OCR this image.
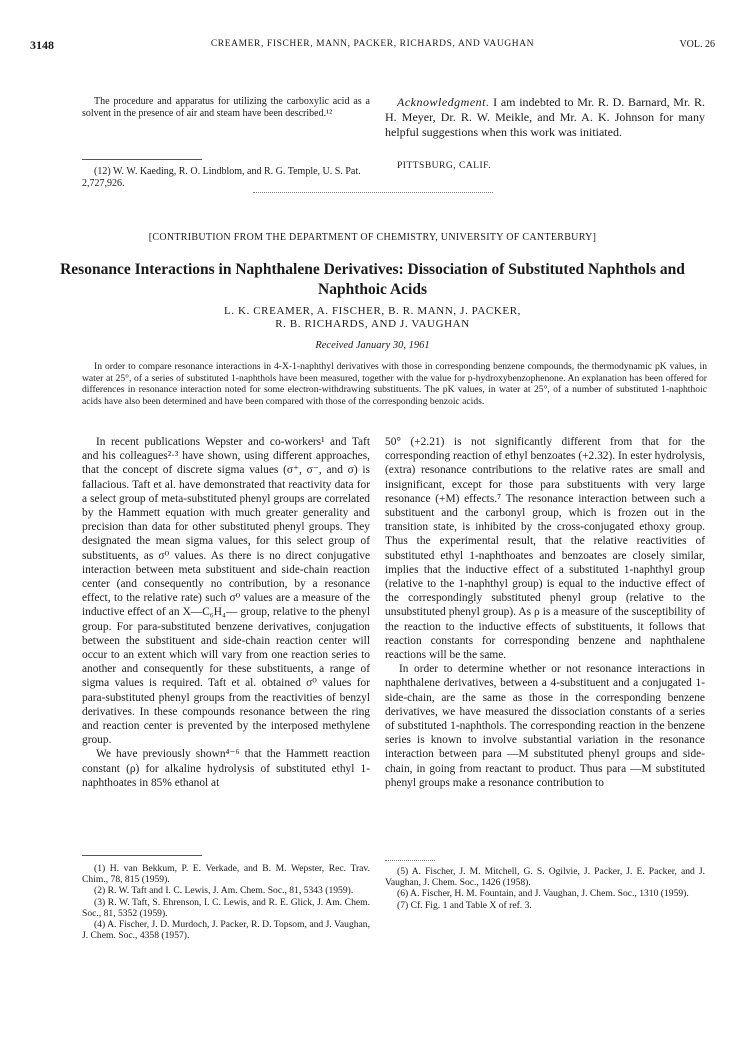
3148	CREAMER, FISCHER, MANN, PACKER, RICHARDS, AND VAUGHAN	VOL. 26
The procedure and apparatus for utilizing the carboxylic acid as a solvent in the presence of air and steam have been described.¹²
(12) W. W. Kaeding, R. O. Lindblom, and R. G. Temple, U. S. Pat. 2,727,926.
Acknowledgment. I am indebted to Mr. R. D. Barnard, Mr. R. H. Meyer, Dr. R. W. Meikle, and Mr. A. K. Johnson for many helpful suggestions when this work was initiated.
PITTSBURG, CALIF.
[CONTRIBUTION FROM THE DEPARTMENT OF CHEMISTRY, UNIVERSITY OF CANTERBURY]
Resonance Interactions in Naphthalene Derivatives: Dissociation of Substituted Naphthols and Naphthoic Acids
L. K. CREAMER, A. FISCHER, B. R. MANN, J. PACKER,
R. B. RICHARDS, AND J. VAUGHAN
Received January 30, 1961
In order to compare resonance interactions in 4-X-1-naphthyl derivatives with those in corresponding benzene compounds, the thermodynamic pK values, in water at 25°, of a series of substituted 1-naphthols have been measured, together with the value for p-hydroxybenzophenone. An explanation has been offered for differences in resonance interaction noted for some electron-withdrawing substituents. The pK values, in water at 25°, of a number of substituted 1-naphthoic acids have also been determined and have been compared with those of the corresponding benzoic acids.

In recent publications Wepster and co-workers¹ and Taft and his colleagues²·³ have shown, using different approaches, that the concept of discrete sigma values (σ⁺, σ⁻, and σ) is fallacious. Taft et al. have demonstrated that reactivity data for a select group of meta-substituted phenyl groups are correlated by the Hammett equation with much greater generality and precision than data for other substituted phenyl groups. They designated the mean sigma values, for this select group of substituents, as σ⁰ values. As there is no direct conjugative interaction between meta substituent and side-chain reaction center (and consequently no contribution, by a resonance effect, to the relative rate) such σ⁰ values are a measure of the inductive effect of an X—C₆H₄— group, relative to the phenyl group. For para-substituted benzene derivatives, conjugation between the substituent and side-chain reaction center will occur to an extent which will vary from one reaction series to another and consequently for these substituents, a range of sigma values is required. Taft et al. obtained σ⁰ values for para-substituted phenyl groups from the reactivities of benzyl derivatives. In these compounds resonance between the ring and reaction center is prevented by the interposed methylene group.

We have previously shown⁴⁻⁶ that the Hammett reaction constant (ρ) for alkaline hydrolysis of substituted ethyl 1-naphthoates in 85% ethanol at

50° (+2.21) is not significantly different from that for the corresponding reaction of ethyl benzoates (+2.32). In ester hydrolysis, (extra) resonance contributions to the relative rates are small and insignificant, except for those para substituents with very large resonance (+M) effects.⁷ The resonance interaction between such a substituent and the carbonyl group, which is frozen out in the transition state, is inhibited by the cross-conjugated ethoxy group. Thus the experimental result, that the relative reactivities of substituted ethyl 1-naphthoates and benzoates are closely similar, implies that the inductive effect of a substituted 1-naphthyl group (relative to the 1-naphthyl group) is equal to the inductive effect of the correspondingly substituted phenyl group (relative to the unsubstituted phenyl group). As ρ is a measure of the susceptibility of the reaction to the inductive effects of substituents, it follows that reaction constants for corresponding benzene and naphthalene reactions will be the same.

In order to determine whether or not resonance interactions in naphthalene derivatives, between a 4-substituent and a conjugated 1-side-chain, are the same as those in the corresponding benzene derivatives, we have measured the dissociation constants of a series of substituted 1-naphthols. The corresponding reaction in the benzene series is known to involve substantial variation in the resonance interaction between para —M substituted phenyl groups and side-chain, in going from reactant to product. Thus para —M substituted phenyl groups make a resonance contribution to

(1) H. van Bekkum, P. E. Verkade, and B. M. Wepster, Rec. Trav. Chim., 78, 815 (1959).

(2) R. W. Taft and I. C. Lewis, J. Am. Chem. Soc., 81, 5343 (1959).

(3) R. W. Taft, S. Ehrenson, I. C. Lewis, and R. E. Glick, J. Am. Chem. Soc., 81, 5352 (1959).

(4) A. Fischer, J. D. Murdoch, J. Packer, R. D. Topsom, and J. Vaughan, J. Chem. Soc., 4358 (1957).

(5) A. Fischer, J. M. Mitchell, G. S. Ogilvie, J. Packer, J. E. Packer, and J. Vaughan, J. Chem. Soc., 1426 (1958).

(6) A. Fischer, H. M. Fountain, and J. Vaughan, J. Chem. Soc., 1310 (1959).

(7) Cf. Fig. 1 and Table X of ref. 3.
